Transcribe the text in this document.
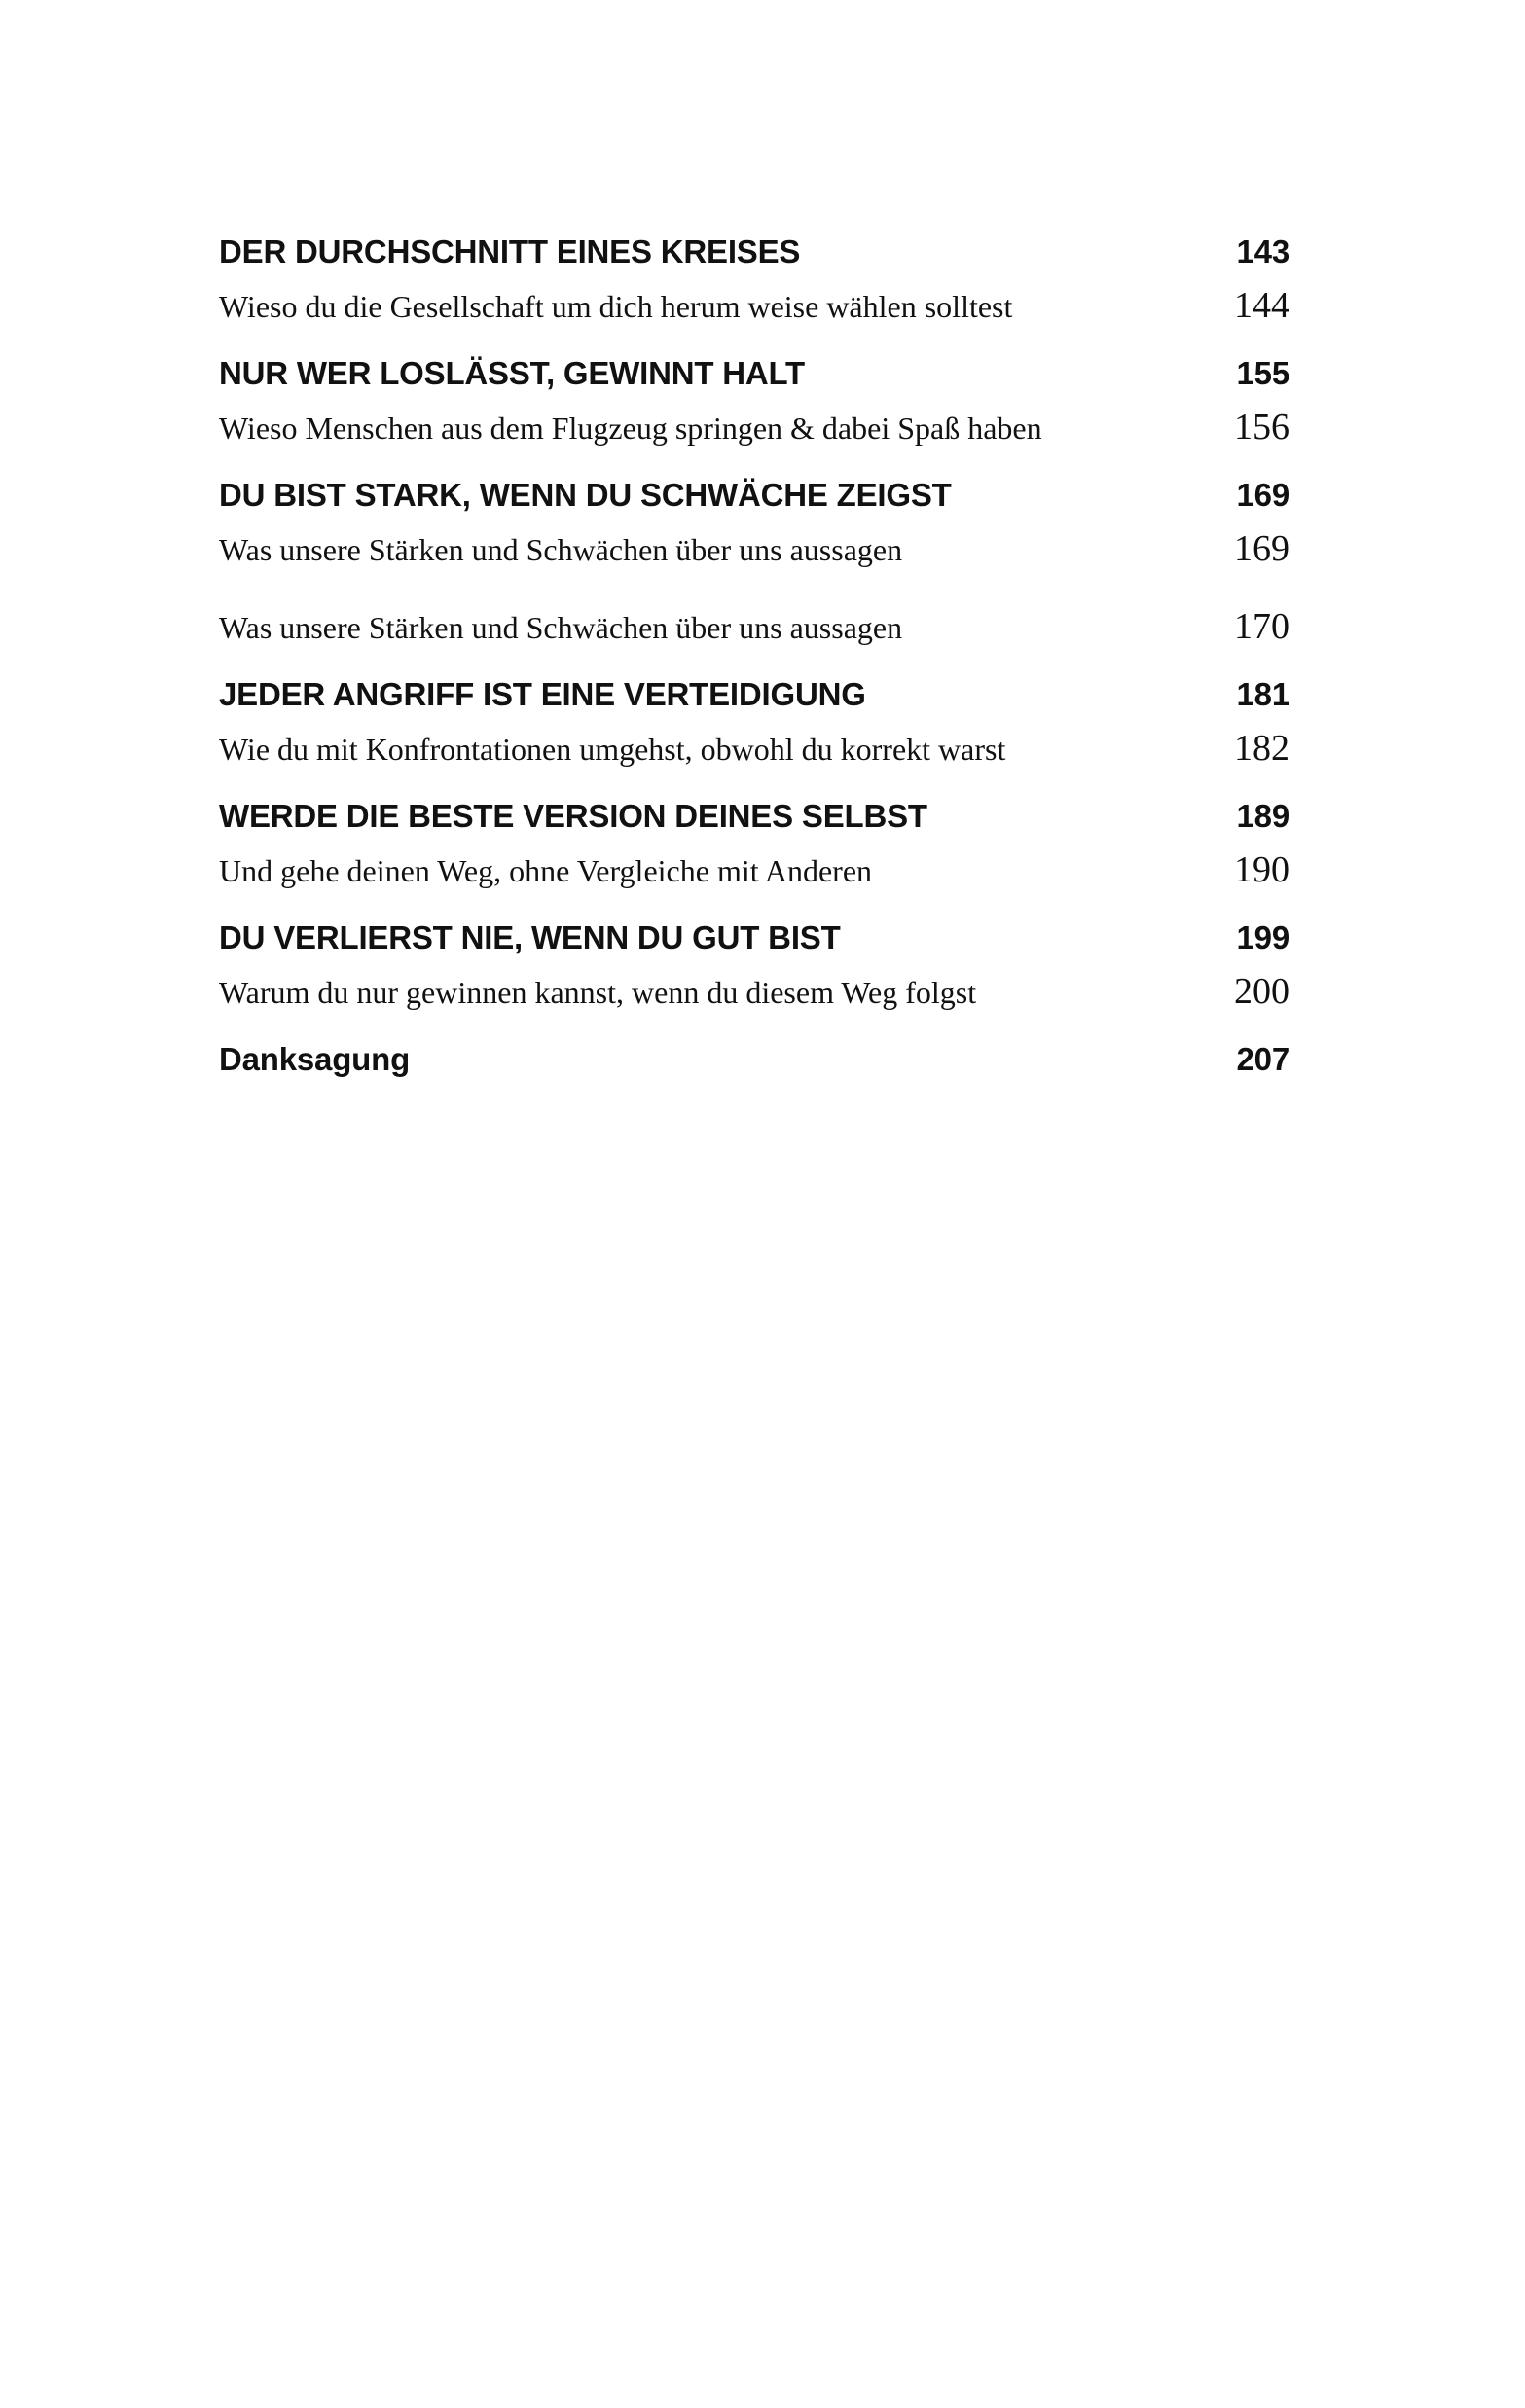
DER DURCHSCHNITT EINES KREISES	143
Wieso du die Gesellschaft um dich herum weise wählen solltest	144
NUR WER LOSLÄSST, GEWINNT HALT	155
Wieso Menschen aus dem Flugzeug springen & dabei Spaß haben	156
DU BIST STARK, WENN DU SCHWÄCHE ZEIGST	169
Was unsere Stärken und Schwächen über uns aussagen	169
Was unsere Stärken und Schwächen über uns aussagen	170
JEDER ANGRIFF IST EINE VERTEIDIGUNG	181
Wie du mit Konfrontationen umgehst, obwohl du korrekt warst	182
WERDE DIE BESTE VERSION DEINES SELBST	189
Und gehe deinen Weg, ohne Vergleiche mit Anderen	190
DU VERLIERST NIE, WENN DU GUT BIST	199
Warum du nur gewinnen kannst, wenn du diesem Weg folgst	200
Danksagung	207
